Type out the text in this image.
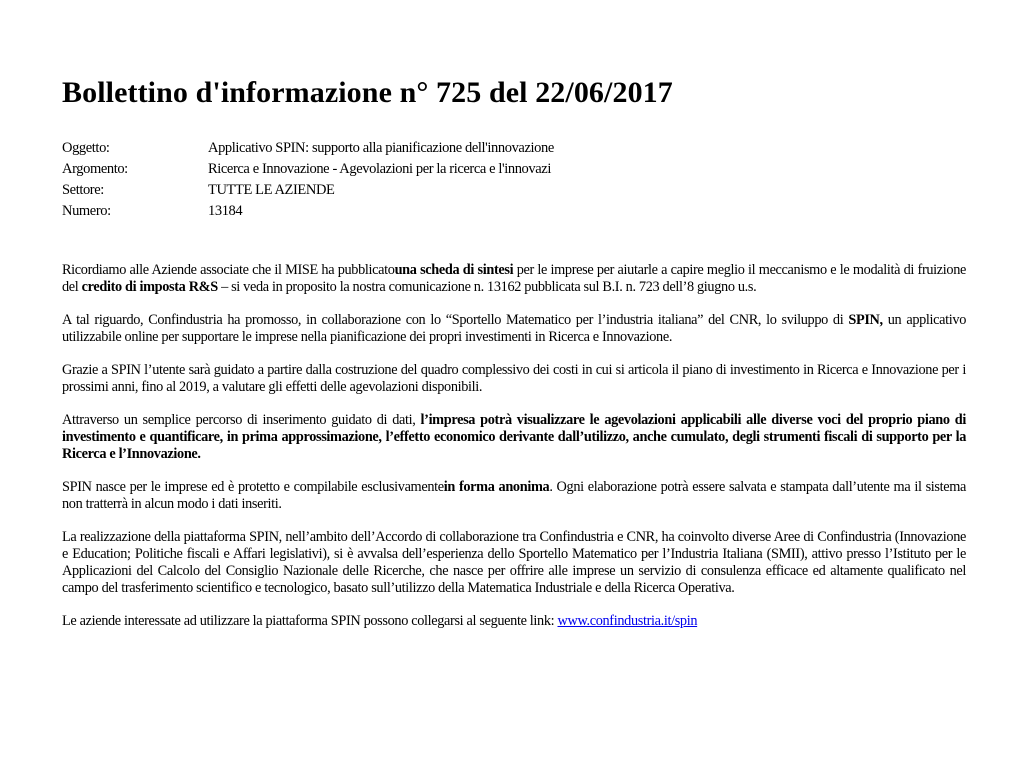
Bollettino d'informazione n° 725 del 22/06/2017
Oggetto:	Applicativo SPIN: supporto alla pianificazione dell'innovazione
Argomento:	Ricerca e Innovazione - Agevolazioni per la ricerca e l'innovazi
Settore:	TUTTE LE AZIENDE
Numero:	13184

Ricordiamo alle Aziende associate che il MISE ha pubblicatouna scheda di sintesi per le imprese per aiutarle a capire meglio il meccanismo e le modalità di fruizione del credito di imposta R&S – si veda in proposito la nostra comunicazione n. 13162 pubblicata sul B.I. n. 723 dell’8 giugno u.s.

A tal riguardo, Confindustria ha promosso, in collaborazione con lo “Sportello Matematico per l’industria italiana” del CNR, lo sviluppo di SPIN, un applicativo utilizzabile online per supportare le imprese nella pianificazione dei propri investimenti in Ricerca e Innovazione.

Grazie a SPIN l’utente sarà guidato a partire dalla costruzione del quadro complessivo dei costi in cui si articola il piano di investimento in Ricerca e Innovazione per i prossimi anni, fino al 2019, a valutare gli effetti delle agevolazioni disponibili.

Attraverso un semplice percorso di inserimento guidato di dati, l’impresa potrà visualizzare le agevolazioni applicabili alle diverse voci del proprio piano di investimento e quantificare, in prima approssimazione, l’effetto economico derivante dall’utilizzo, anche cumulato, degli strumenti fiscali di supporto per la Ricerca e l’Innovazione.

SPIN nasce per le imprese ed è protetto e compilabile esclusivamentein forma anonima. Ogni elaborazione potrà essere salvata e stampata dall’utente ma il sistema non tratterrà in alcun modo i dati inseriti.

La realizzazione della piattaforma SPIN, nell’ambito dell’Accordo di collaborazione tra Confindustria e CNR, ha coinvolto diverse Aree di Confindustria (Innovazione e Education; Politiche fiscali e Affari legislativi), si è avvalsa dell’esperienza dello Sportello Matematico per l’Industria Italiana (SMII), attivo presso l’Istituto per le Applicazioni del Calcolo del Consiglio Nazionale delle Ricerche, che nasce per offrire alle imprese un servizio di consulenza efficace ed altamente qualificato nel campo del trasferimento scientifico e tecnologico, basato sull’utilizzo della Matematica Industriale e della Ricerca Operativa.

Le aziende interessate ad utilizzare la piattaforma SPIN possono collegarsi al seguente link: www.confindustria.it/spin
